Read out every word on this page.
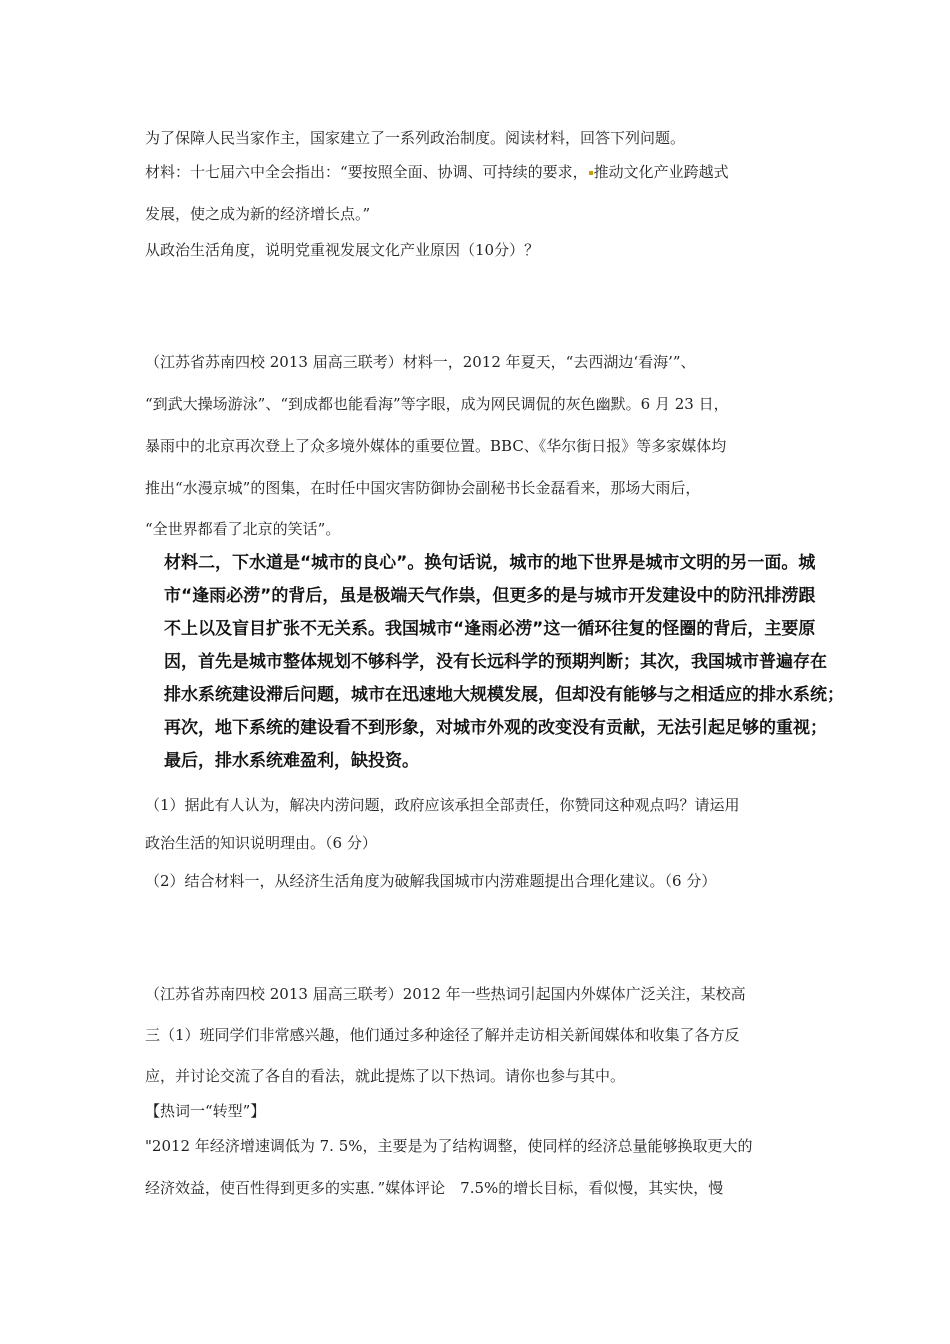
为了保障人民当家作主，国家建立了一系列政治制度。阅读材料，回答下列问题。
材料：十七届六中全会指出：“要按照全面、协调、可持续的要求， 推动文化产业跨越式
发展，使之成为新的经济增长点。”
从政治生活角度，说明党重视发展文化产业原因（10分）？
（江苏省苏南四校 2013 届高三联考）材料一，2012 年夏天，“去西湖边‘看海’”、
“到武大操场游泳”、“到成都也能看海”等字眼，成为网民调侃的灰色幽默。6 月 23 日，
暴雨中的北京再次登上了众多境外媒体的重要位置。BBC、《华尔街日报》等多家媒体均
推出“水漫京城”的图集，在时任中国灾害防御协会副秘书长金磊看来，那场大雨后，
“全世界都看了北京的笑话”。
材料二，下水道是“城市的良心”。换句话说，城市的地下世界是城市文明的另一面。城
市“逢雨必涝”的背后，虽是极端天气作祟，但更多的是与城市开发建设中的防汛排涝跟
不上以及盲目扩张不无关系。我国城市“逢雨必涝”这一循环往复的怪圈的背后，主要原
因，首先是城市整体规划不够科学，没有长远科学的预期判断；其次，我国城市普遍存在
排水系统建设滞后问题，城市在迅速地大规模发展，但却没有能够与之相适应的排水系统；
再次，地下系统的建设看不到形象，对城市外观的改变没有贡献，无法引起足够的重视；
最后，排水系统难盈利，缺投资。
（1）据此有人认为，解决内涝问题，政府应该承担全部责任，你赞同这种观点吗？请运用
政治生活的知识说明理由。（6 分）
（2）结合材料一，从经济生活角度为破解我国城市内涝难题提出合理化建议。（6 分）
（江苏省苏南四校 2013 届高三联考）2012 年一些热词引起国内外媒体广泛关注，某校高
三（1）班同学们非常感兴趣，他们通过多种途径了解并走访相关新闻媒体和收集了各方反
应，并讨论交流了各自的看法，就此提炼了以下热词。请你也参与其中。
【热词一“转型”】
"2012 年经济增速调低为 7. 5%，主要是为了结构调整，使同样的经济总量能够换取更大的
经济效益，使百性得到更多的实惠．”媒体评论　7.5%的增长目标，看似慢，其实快，慢
